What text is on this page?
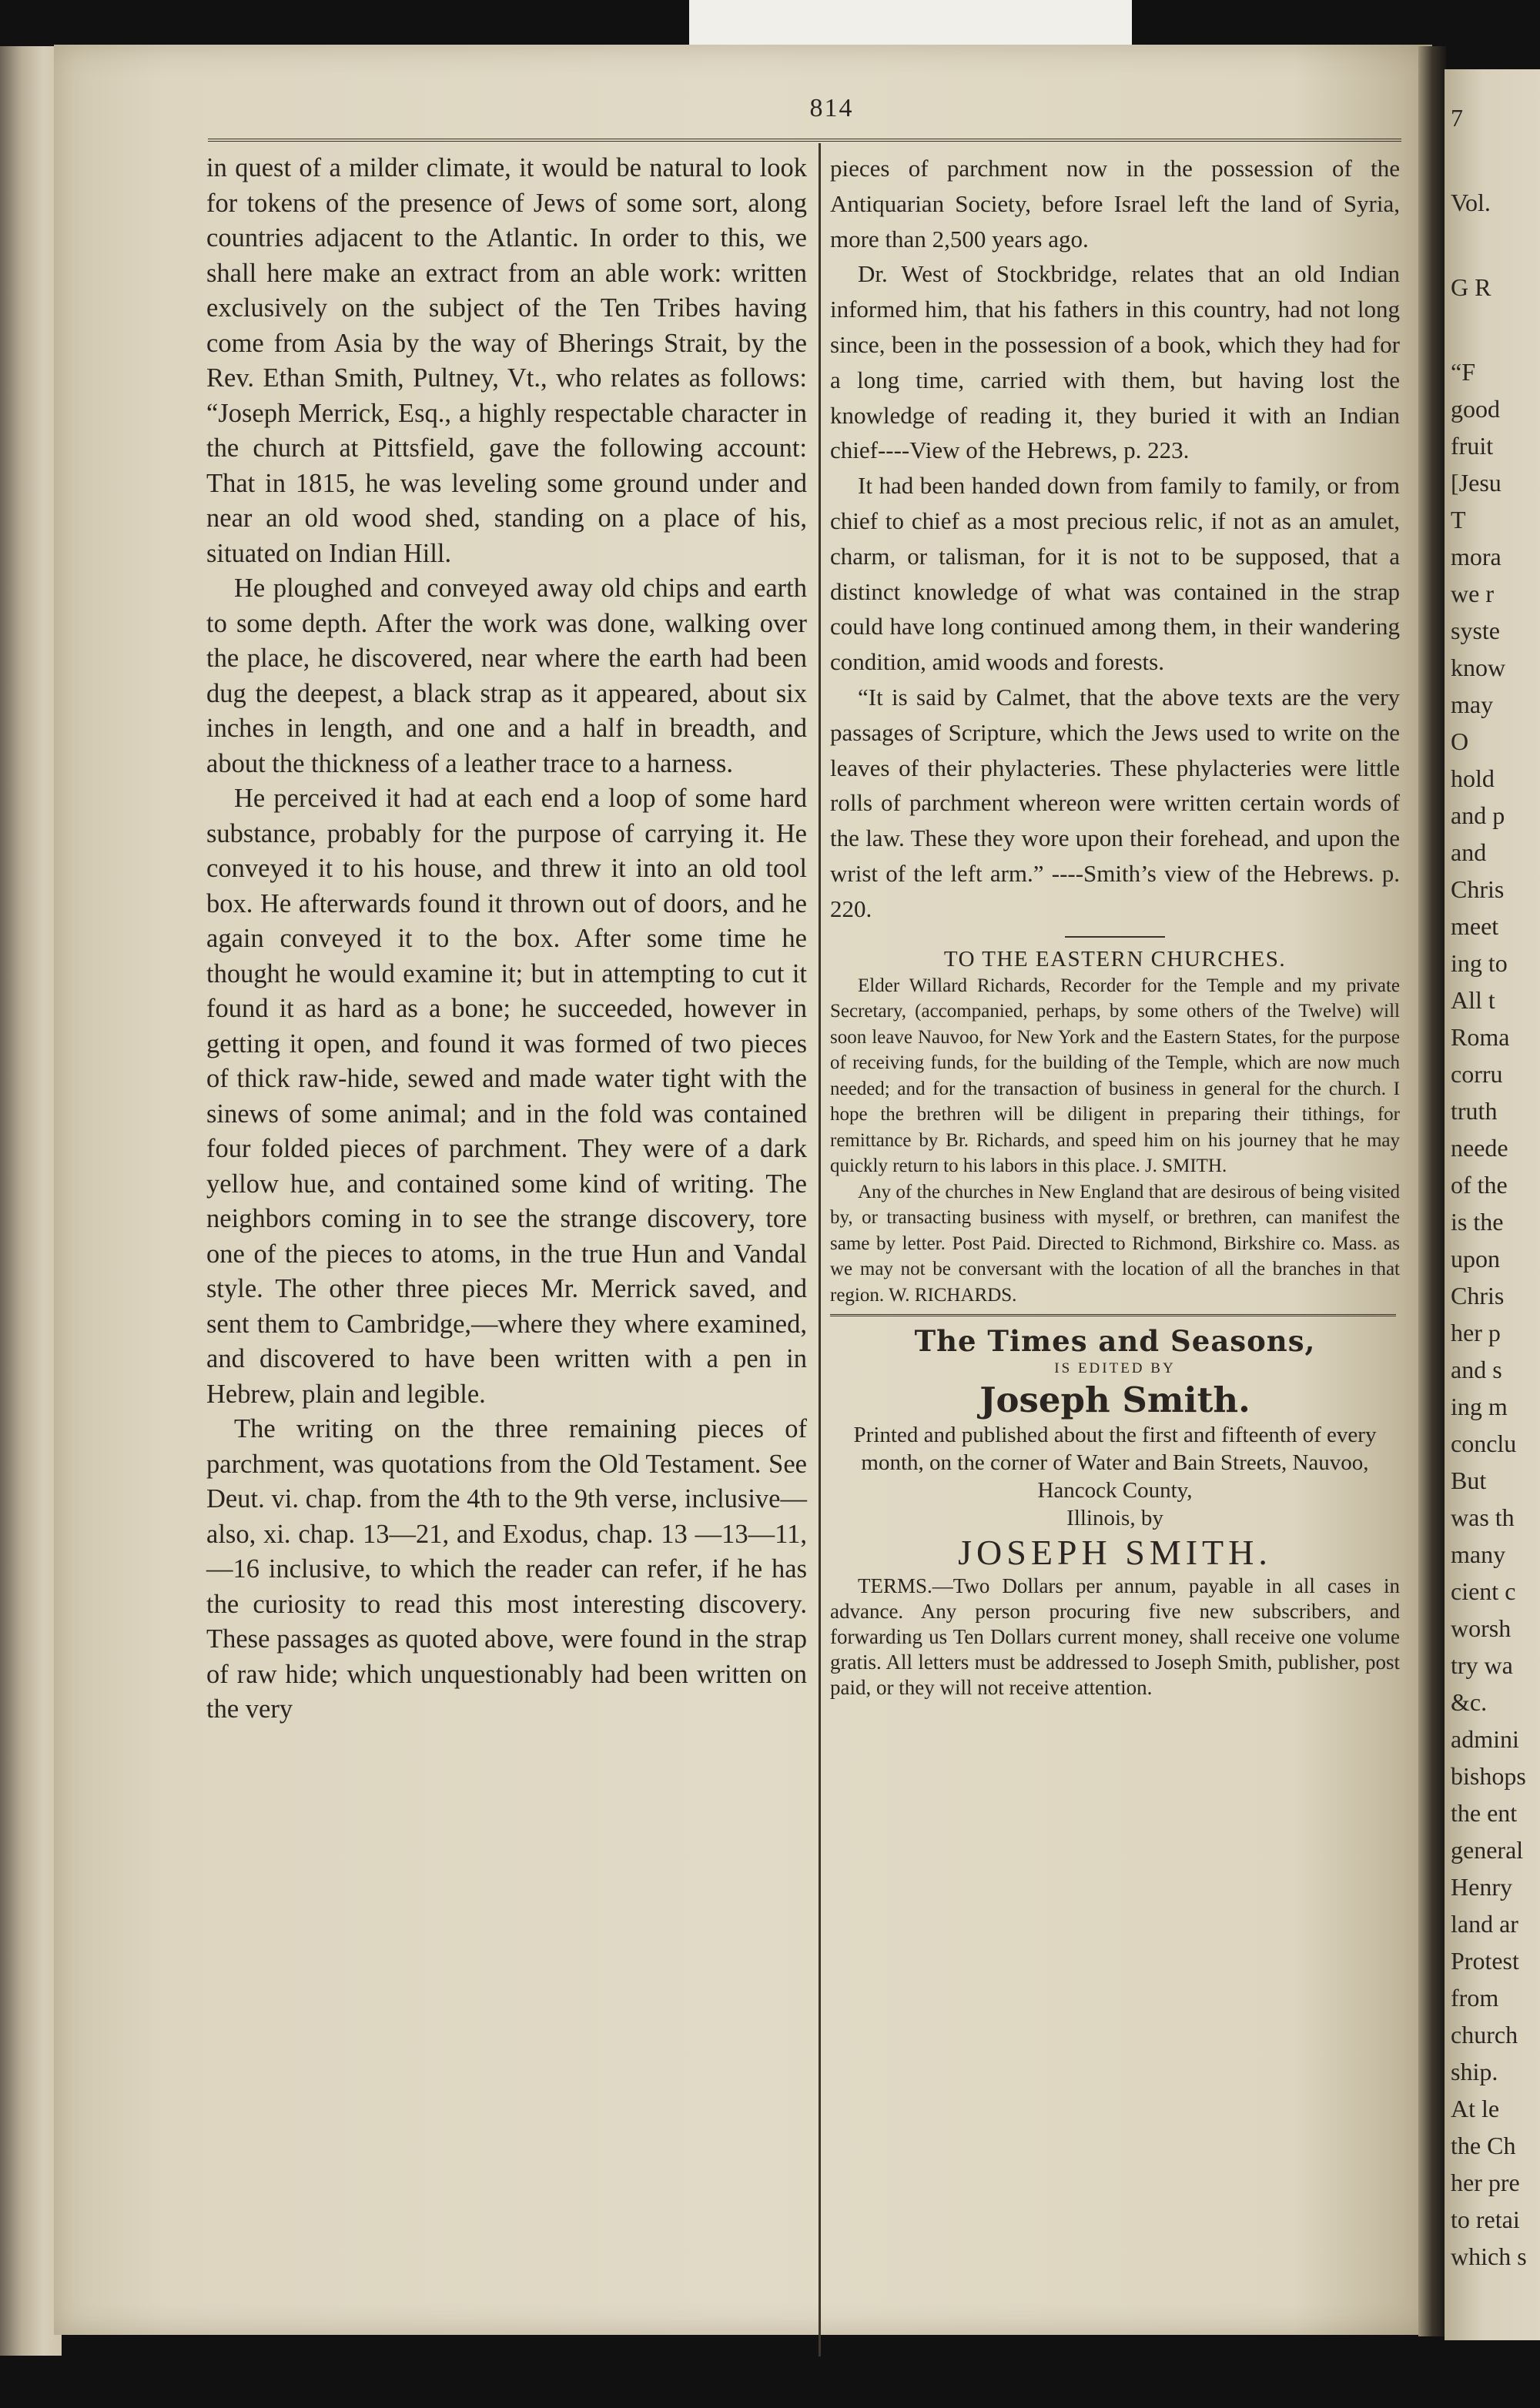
814

in quest of a milder climate, it would be natural to look for tokens of the presence of Jews of some sort, along countries adjacent to the Atlantic. In order to this, we shall here make an extract from an able work: written exclusively on the subject of the Ten Tribes having come from Asia by the way of Bherings Strait, by the Rev. Ethan Smith, Pultney, Vt., who relates as follows: “Joseph Merrick, Esq., a highly respectable character in the church at Pittsfield, gave the following account: That in 1815, he was leveling some ground under and near an old wood shed, standing on a place of his, situated on Indian Hill.

He ploughed and conveyed away old chips and earth to some depth. After the work was done, walking over the place, he discovered, near where the earth had been dug the deepest, a black strap as it appeared, about six inches in length, and one and a half in breadth, and about the thickness of a leather trace to a harness.

He perceived it had at each end a loop of some hard substance, probably for the purpose of carrying it. He conveyed it to his house, and threw it into an old tool box. He afterwards found it thrown out of doors, and he again conveyed it to the box. After some time he thought he would examine it; but in attempting to cut it found it as hard as a bone; he succeeded, however in getting it open, and found it was formed of two pieces of thick raw-hide, sewed and made water tight with the sinews of some animal; and in the fold was contained four folded pieces of parchment. They were of a dark yellow hue, and contained some kind of writing. The neighbors coming in to see the strange discovery, tore one of the pieces to atoms, in the true Hun and Vandal style. The other three pieces Mr. Merrick saved, and sent them to Cambridge,—where they where examined, and discovered to have been written with a pen in Hebrew, plain and legible.

The writing on the three remaining pieces of parchment, was quotations from the Old Testament. See Deut. vi. chap. from the 4th to the 9th verse, inclusive—also, xi. chap. 13—21, and Exodus, chap. 13 —13—11,—16 inclusive, to which the reader can refer, if he has the curiosity to read this most interesting discovery. These passages as quoted above, were found in the strap of raw hide; which unquestionably had been written on the very

pieces of parchment now in the possession of the Antiquarian Society, before Israel left the land of Syria, more than 2,500 years ago.

Dr. West of Stockbridge, relates that an old Indian informed him, that his fathers in this country, had not long since, been in the possession of a book, which they had for a long time, carried with them, but having lost the knowledge of reading it, they buried it with an Indian chief----View of the Hebrews, p. 223.

It had been handed down from family to family, or from chief to chief as a most precious relic, if not as an amulet, charm, or talisman, for it is not to be supposed, that a distinct knowledge of what was contained in the strap could have long continued among them, in their wandering condition, amid woods and forests.

“It is said by Calmet, that the above texts are the very passages of Scripture, which the Jews used to write on the leaves of their phylacteries. These phylacteries were little rolls of parchment whereon were written certain words of the law. These they wore upon their forehead, and upon the wrist of the left arm.” ----Smith’s view of the Hebrews. p. 220.

TO THE EASTERN CHURCHES.

Elder Willard Richards, Recorder for the Temple and my private Secretary, (accompanied, perhaps, by some others of the Twelve) will soon leave Nauvoo, for New York and the Eastern States, for the purpose of receiving funds, for the building of the Temple, which are now much needed; and for the transaction of business in general for the church. I hope the brethren will be diligent in preparing their tithings, for remittance by Br. Richards, and speed him on his journey that he may quickly return to his labors in this place. J. SMITH.

Any of the churches in New England that are desirous of being visited by, or transacting business with myself, or brethren, can manifest the same by letter. Post Paid. Directed to Richmond, Birkshire co. Mass. as we may not be conversant with the location of all the branches in that region. W. RICHARDS.

The Times and Seasons,

IS EDITED BY

Joseph Smith.

Printed and published about the first and fifteenth of every month, on the corner of Water and Bain Streets, Nauvoo,

Hancock County,

Illinois, by

JOSEPH SMITH.

TERMS.—Two Dollars per annum, payable in all cases in advance. Any person procuring five new subscribers, and forwarding us Ten Dollars current money, shall receive one volume gratis. All letters must be addressed to Joseph Smith, publisher, post paid, or they will not receive attention.

7
Vol.
G R
“F
good
fruit
[Jesu
T
mora
we r
syste
know
may
O
hold
and p
and
Chris
meet
ing to
All t
Roma
corru
truth
neede
of the
is the
upon
Chris
her p
and s
ing m
conclu
But
was th
many
cient c
worsh
try wa
&c.
admini
bishops
the ent
general
Henry
land ar
Protest
from
church
ship.
At le
the Ch
her pre
to retai
which s
